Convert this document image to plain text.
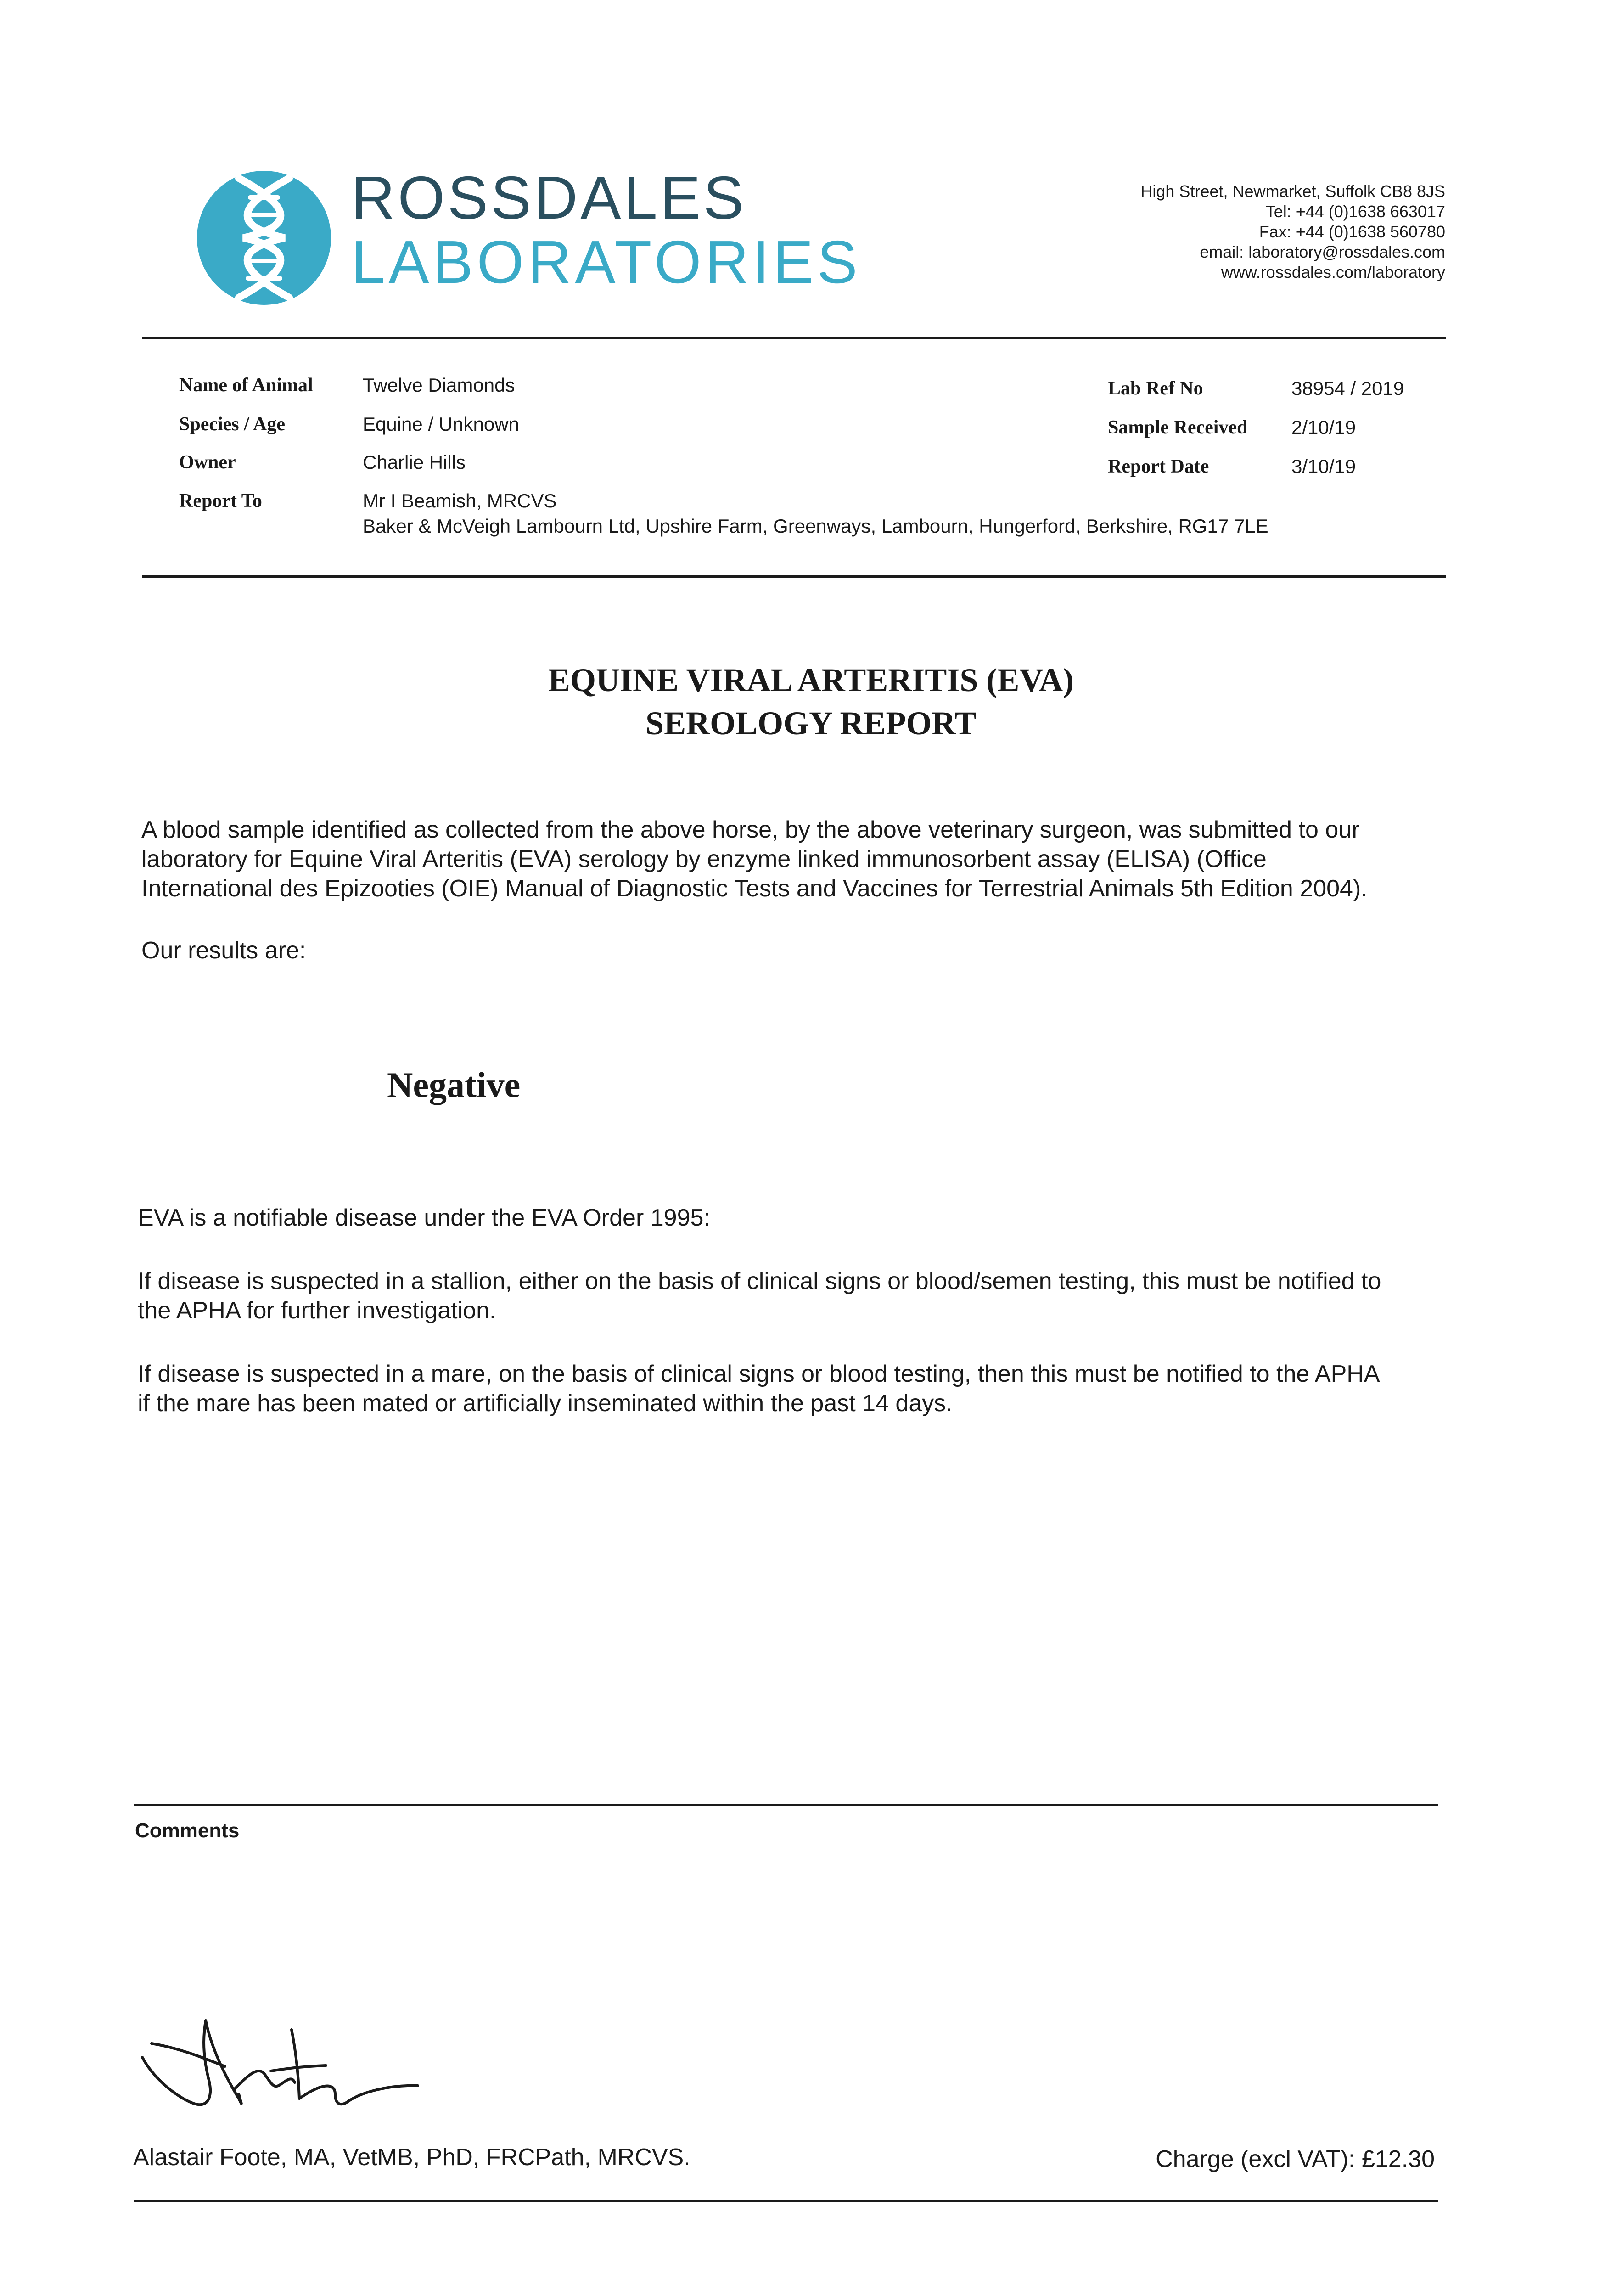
ROSSDALES
LABORATORIES
High Street, Newmarket, Suffolk CB8 8JS
Tel: +44 (0)1638 663017
Fax: +44 (0)1638 560780
email: laboratory@rossdales.com
www.rossdales.com/laboratory
Name of Animal	Twelve Diamonds
Species / Age	Equine / Unknown
Owner	Charlie Hills
Report To	Mr I Beamish, MRCVS
Baker & McVeigh Lambourn Ltd, Upshire Farm, Greenways, Lambourn, Hungerford, Berkshire, RG17 7LE
Lab Ref No	38954 / 2019
Sample Received 2/10/19
Report Date	3/10/19
EQUINE VIRAL ARTERITIS (EVA)
SEROLOGY REPORT
A blood sample identified as collected from the above horse, by the above veterinary surgeon, was submitted to our
laboratory for Equine Viral Arteritis (EVA) serology by enzyme linked immunosorbent assay (ELISA) (Office
International des Epizooties (OIE) Manual of Diagnostic Tests and Vaccines for Terrestrial Animals 5th Edition 2004).
Our results are:
Negative
EVA is a notifiable disease under the EVA Order 1995:
If disease is suspected in a stallion, either on the basis of clinical signs or blood/semen testing, this must be notified to
the APHA for further investigation.
If disease is suspected in a mare, on the basis of clinical signs or blood testing, then this must be notified to the APHA
if the mare has been mated or artificially inseminated within the past 14 days.
Comments
Alastair Foote, MA, VetMB, PhD, FRCPath, MRCVS.	Charge (excl VAT): £12.30
